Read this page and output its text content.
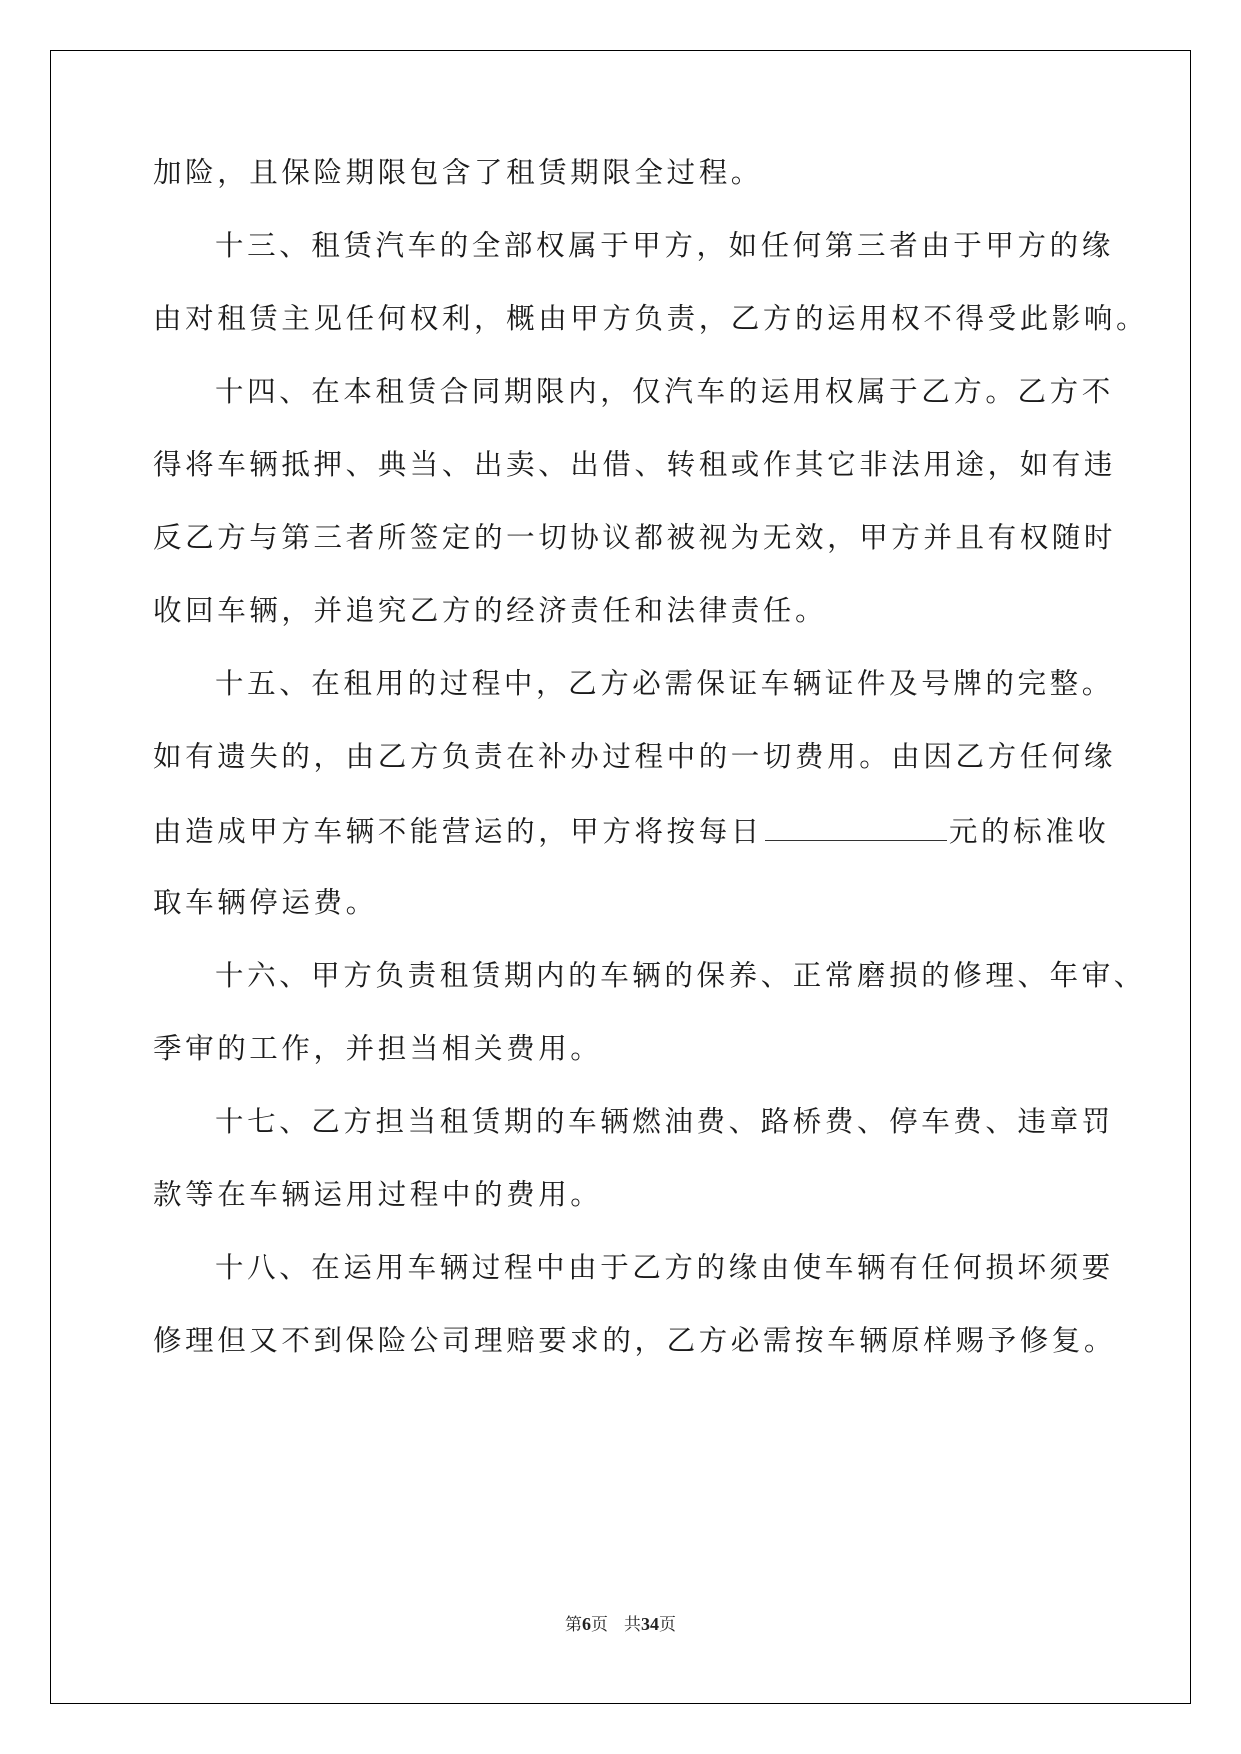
加险，且保险期限包含了租赁期限全过程。
十三、租赁汽车的全部权属于甲方，如任何第三者由于甲方的缘
由对租赁主见任何权利，概由甲方负责，乙方的运用权不得受此影响。
十四、在本租赁合同期限内，仅汽车的运用权属于乙方。乙方不
得将车辆抵押、典当、出卖、出借、转租或作其它非法用途，如有违
反乙方与第三者所签定的一切协议都被视为无效，甲方并且有权随时
收回车辆，并追究乙方的经济责任和法律责任。
十五、在租用的过程中，乙方必需保证车辆证件及号牌的完整。
如有遗失的，由乙方负责在补办过程中的一切费用。由因乙方任何缘
由造成甲方车辆不能营运的，甲方将按每日	元的标准收
取车辆停运费。
十六、甲方负责租赁期内的车辆的保养、正常磨损的修理、年审、
季审的工作，并担当相关费用。
十七、乙方担当租赁期的车辆燃油费、路桥费、停车费、违章罚
款等在车辆运用过程中的费用。
十八、在运用车辆过程中由于乙方的缘由使车辆有任何损坏须要
修理但又不到保险公司理赔要求的，乙方必需按车辆原样赐予修复。
第6页 共34页
